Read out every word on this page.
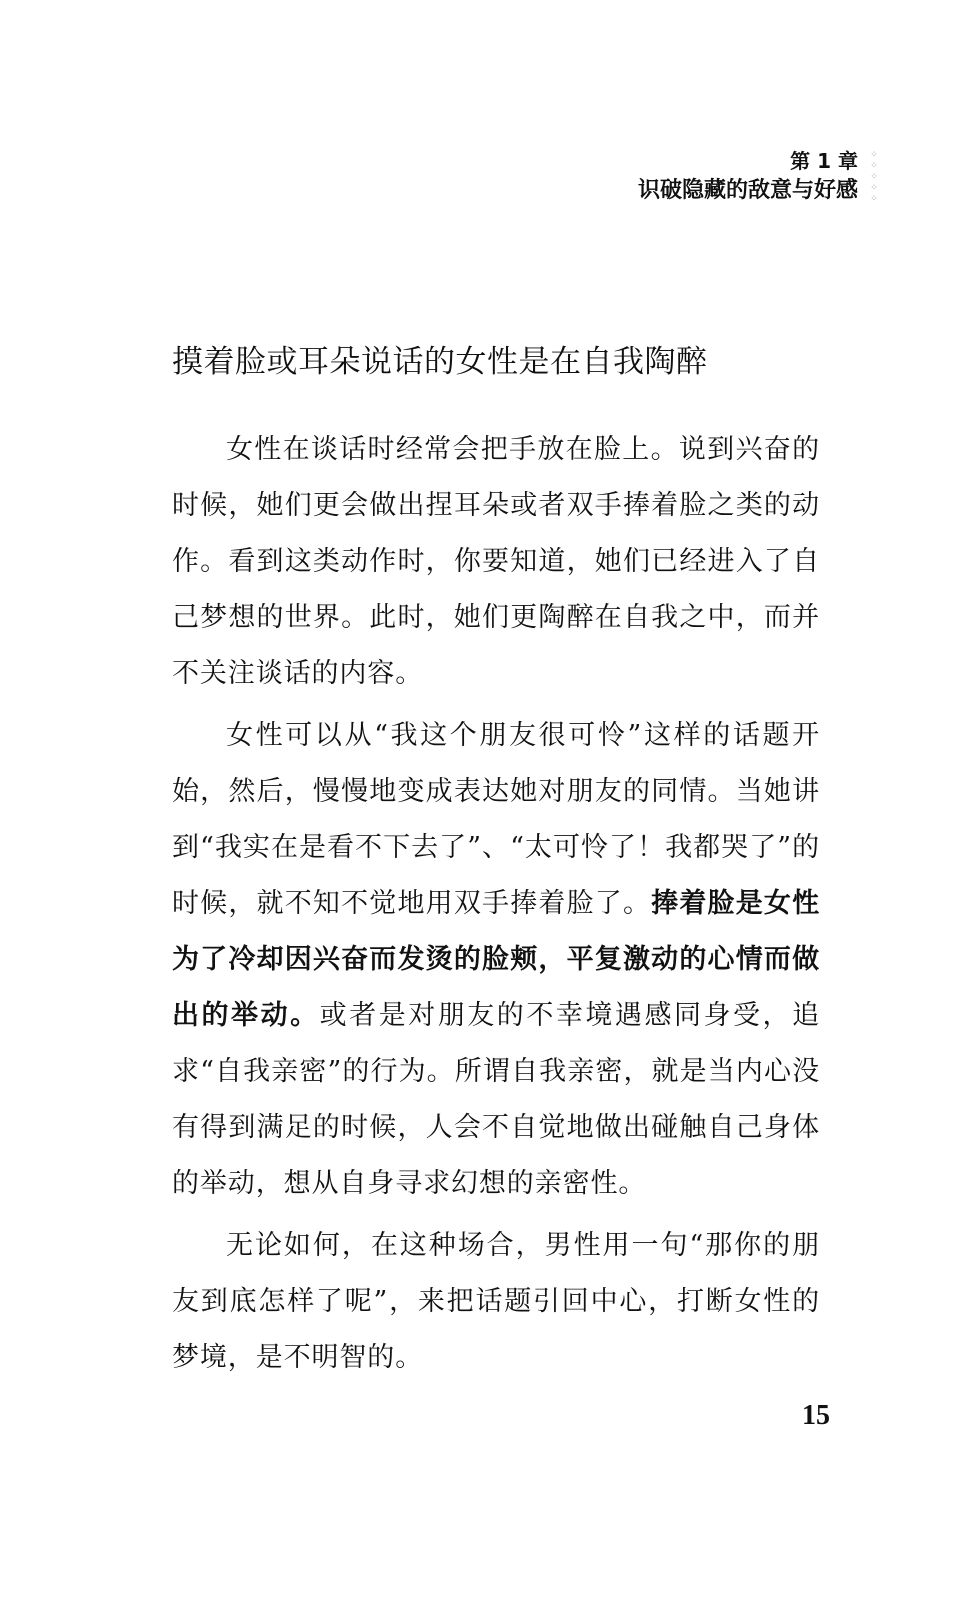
第 1 章
识破隐藏的敌意与好感
⁘
⁘
⁘
⁘
⁘
摸着脸或耳朵说话的女性是在自我陶醉

女性在谈话时经常会把手放在脸上。说到兴奋的时候，她们更会做出捏耳朵或者双手捧着脸之类的动作。看到这类动作时，你要知道，她们已经进入了自己梦想的世界。此时，她们更陶醉在自我之中，而并不关注谈话的内容。

女性可以从“我这个朋友很可怜”这样的话题开始，然后，慢慢地变成表达她对朋友的同情。当她讲到“我实在是看不下去了”、“太可怜了！我都哭了”的时候，就不知不觉地用双手捧着脸了。捧着脸是女性为了冷却因兴奋而发烫的脸颊，平复激动的心情而做出的举动。或者是对朋友的不幸境遇感同身受，追求“自我亲密”的行为。所谓自我亲密，就是当内心没有得到满足的时候，人会不自觉地做出碰触自己身体的举动，想从自身寻求幻想的亲密性。

无论如何，在这种场合，男性用一句“那你的朋友到底怎样了呢”，来把话题引回中心，打断女性的梦境，是不明智的。

15
